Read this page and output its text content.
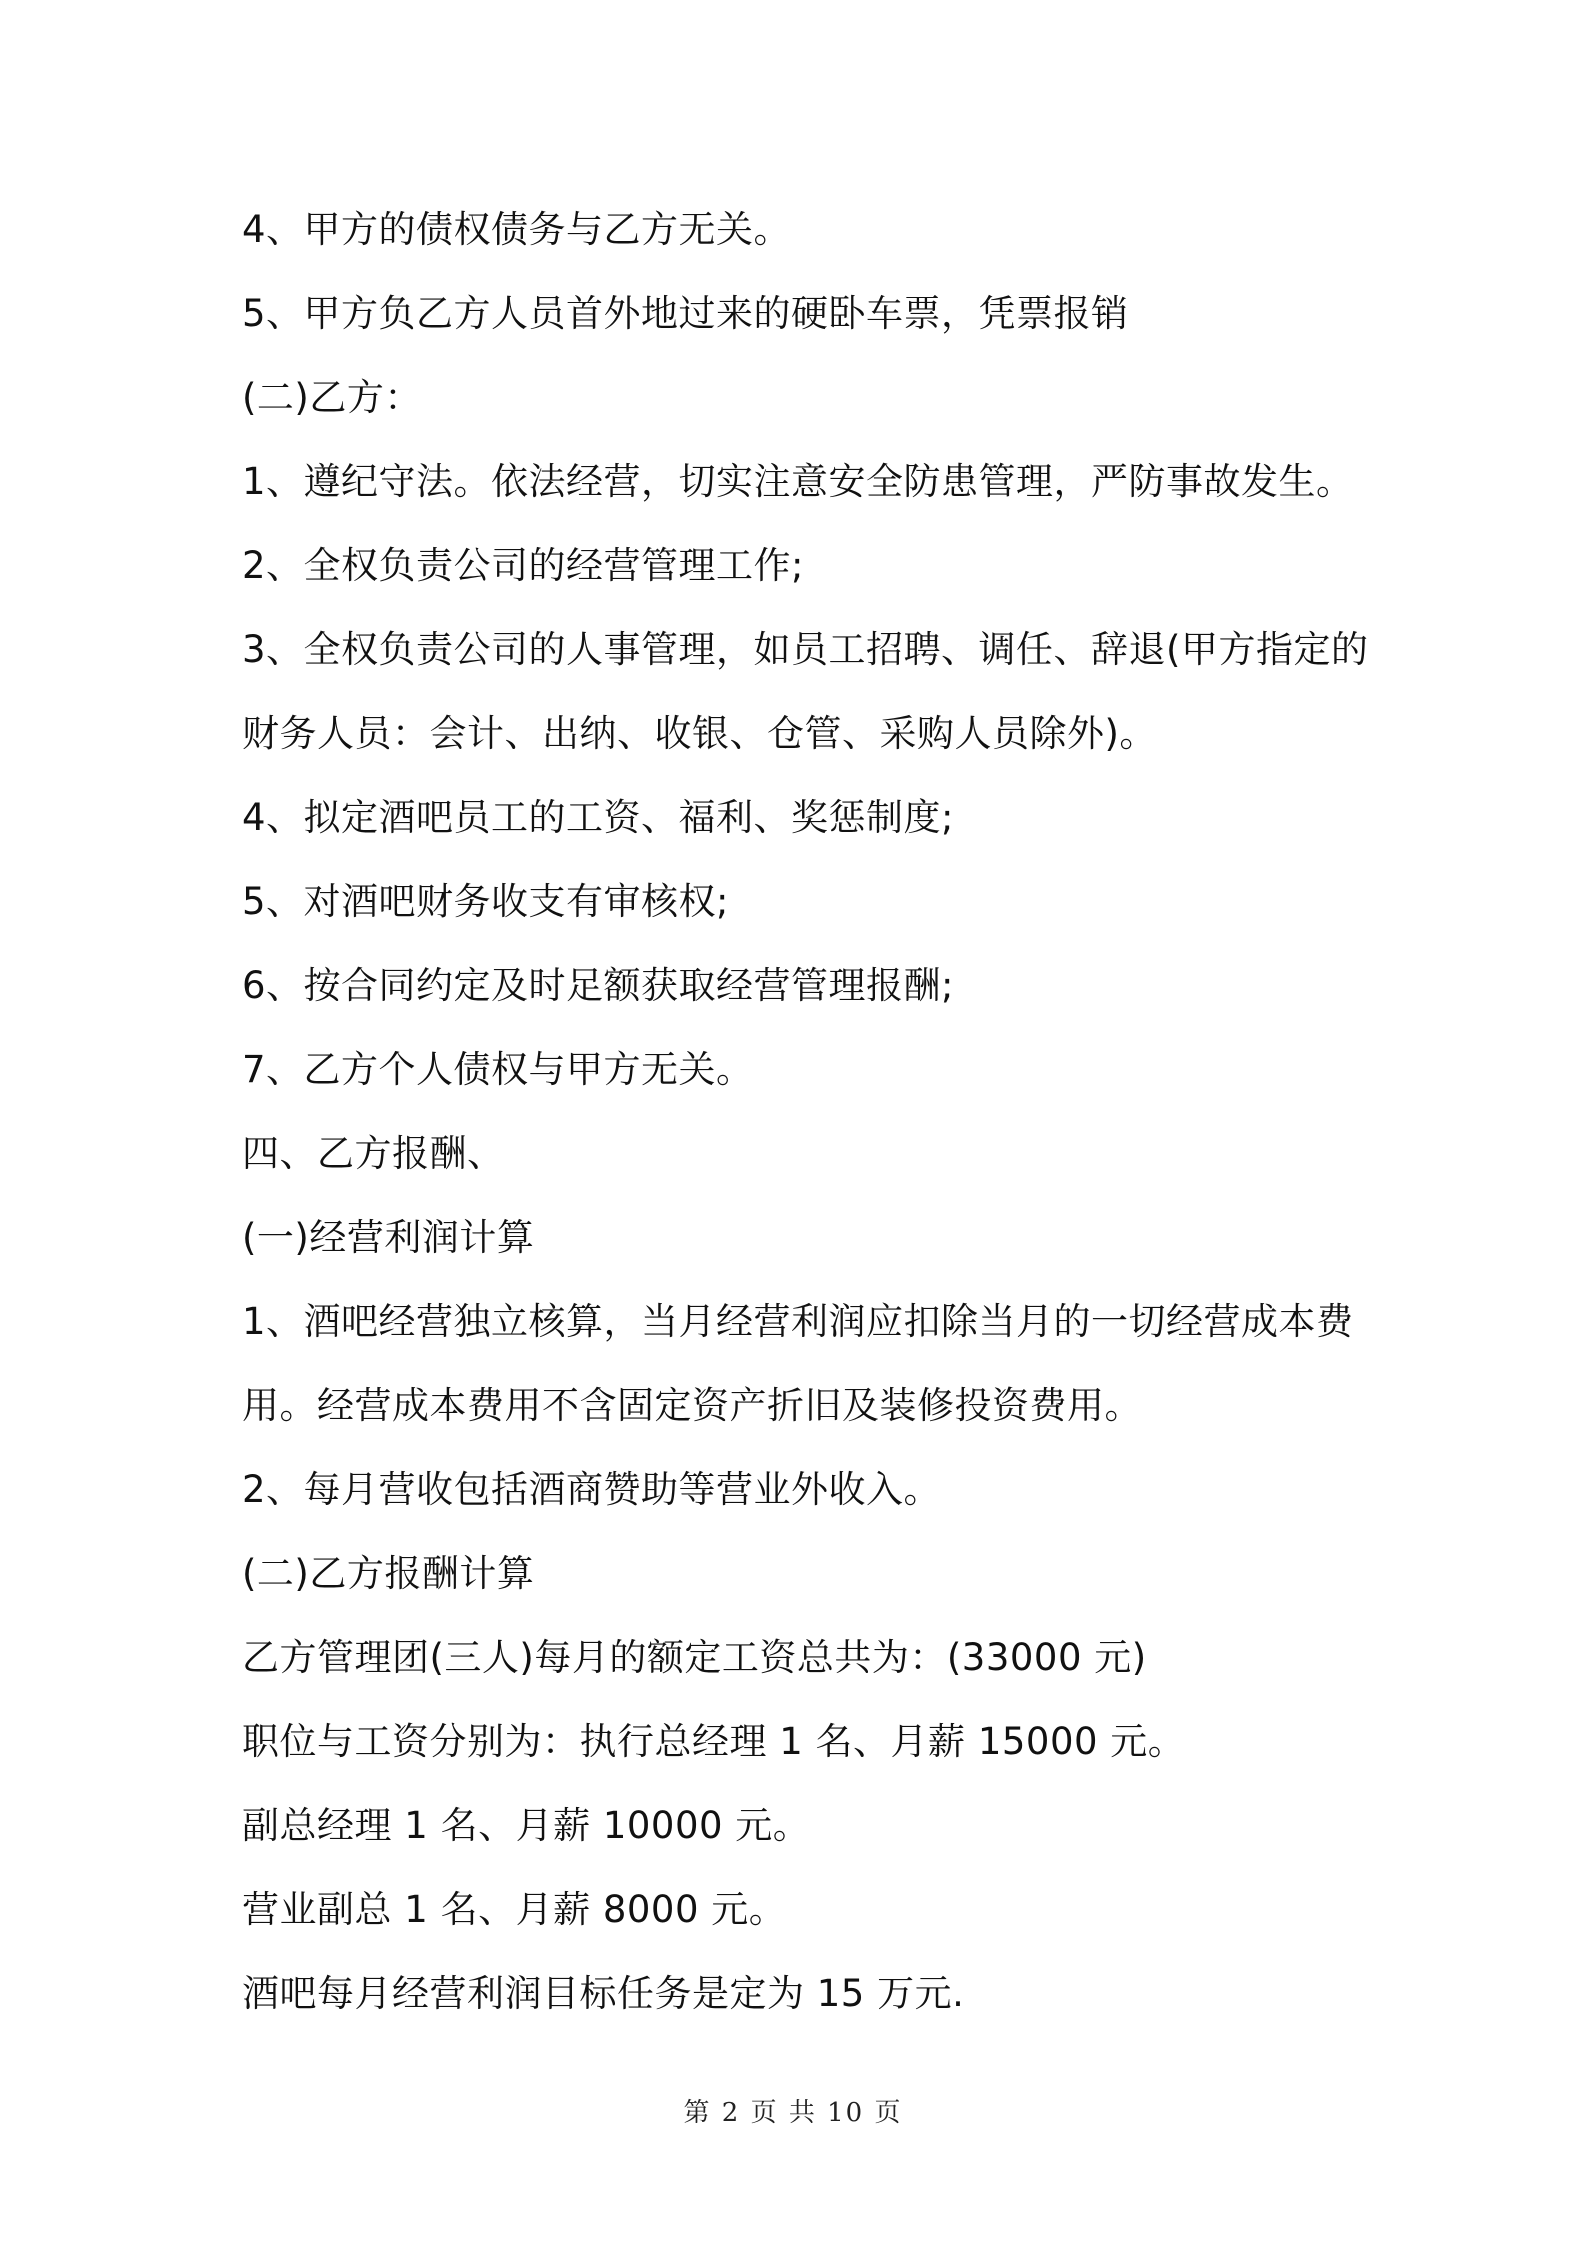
4、甲方的债权债务与乙方无关。
5、甲方负乙方人员首外地过来的硬卧车票，凭票报销
(二)乙方：
1、遵纪守法。依法经营，切实注意安全防患管理，严防事故发生。
2、全权负责公司的经营管理工作;
3、全权负责公司的人事管理，如员工招聘、调任、辞退(甲方指定的
财务人员：会计、出纳、收银、仓管、采购人员除外)。
4、拟定酒吧员工的工资、福利、奖惩制度;
5、对酒吧财务收支有审核权;
6、按合同约定及时足额获取经营管理报酬;
7、乙方个人债权与甲方无关。
四、乙方报酬、
(一)经营利润计算
1、酒吧经营独立核算，当月经营利润应扣除当月的一切经营成本费
用。经营成本费用不含固定资产折旧及装修投资费用。
2、每月营收包括酒商赞助等营业外收入。
(二)乙方报酬计算
乙方管理团(三人)每月的额定工资总共为：(33000 元)
职位与工资分别为：执行总经理 1 名、月薪 15000 元。
副总经理 1 名、月薪 10000 元。
营业副总 1 名、月薪 8000 元。
酒吧每月经营利润目标任务是定为 15 万元.
第 2 页 共 10 页
